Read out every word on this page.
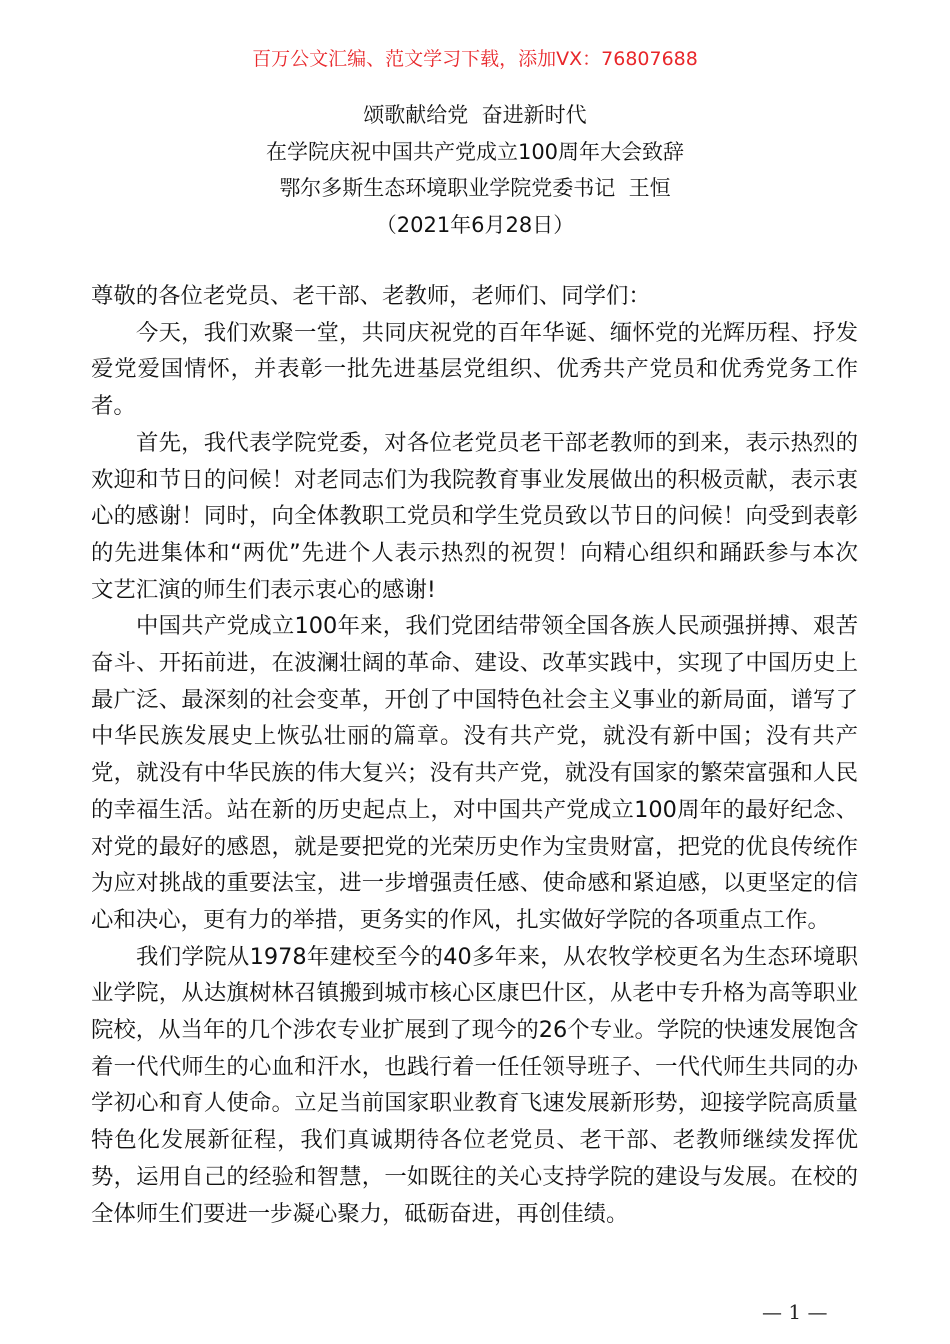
百万公文汇编、范文学习下载，添加VX：76807688
颂歌献给党  奋进新时代
在学院庆祝中国共产党成立100周年大会致辞
鄂尔多斯生态环境职业学院党委书记  王恒
（2021年6月28日）
尊敬的各位老党员、老干部、老教师，老师们、同学们：
今天，我们欢聚一堂，共同庆祝党的百年华诞、缅怀党的光辉历程、抒发
爱党爱国情怀，并表彰一批先进基层党组织、优秀共产党员和优秀党务工作
者。
首先，我代表学院党委，对各位老党员老干部老教师的到来，表示热烈的
欢迎和节日的问候！对老同志们为我院教育事业发展做出的积极贡献，表示衷
心的感谢！同时，向全体教职工党员和学生党员致以节日的问候！向受到表彰
的先进集体和“两优”先进个人表示热烈的祝贺！向精心组织和踊跃参与本次
文艺汇演的师生们表示衷心的感谢!
中国共产党成立100年来，我们党团结带领全国各族人民顽强拼搏、艰苦
奋斗、开拓前进，在波澜壮阔的革命、建设、改革实践中，实现了中国历史上
最广泛、最深刻的社会变革，开创了中国特色社会主义事业的新局面，谱写了
中华民族发展史上恢弘壮丽的篇章。没有共产党，就没有新中国；没有共产
党，就没有中华民族的伟大复兴；没有共产党，就没有国家的繁荣富强和人民
的幸福生活。站在新的历史起点上，对中国共产党成立100周年的最好纪念、
对党的最好的感恩，就是要把党的光荣历史作为宝贵财富，把党的优良传统作
为应对挑战的重要法宝，进一步增强责任感、使命感和紧迫感，以更坚定的信
心和决心，更有力的举措，更务实的作风，扎实做好学院的各项重点工作。
我们学院从1978年建校至今的40多年来，从农牧学校更名为生态环境职
业学院，从达旗树林召镇搬到城市核心区康巴什区，从老中专升格为高等职业
院校，从当年的几个涉农专业扩展到了现今的26个专业。学院的快速发展饱含
着一代代师生的心血和汗水，也践行着一任任领导班子、一代代师生共同的办
学初心和育人使命。立足当前国家职业教育飞速发展新形势，迎接学院高质量
特色化发展新征程，我们真诚期待各位老党员、老干部、老教师继续发挥优
势，运用自己的经验和智慧，一如既往的关心支持学院的建设与发展。在校的
全体师生们要进一步凝心聚力，砥砺奋进，再创佳绩。
— 1 —
